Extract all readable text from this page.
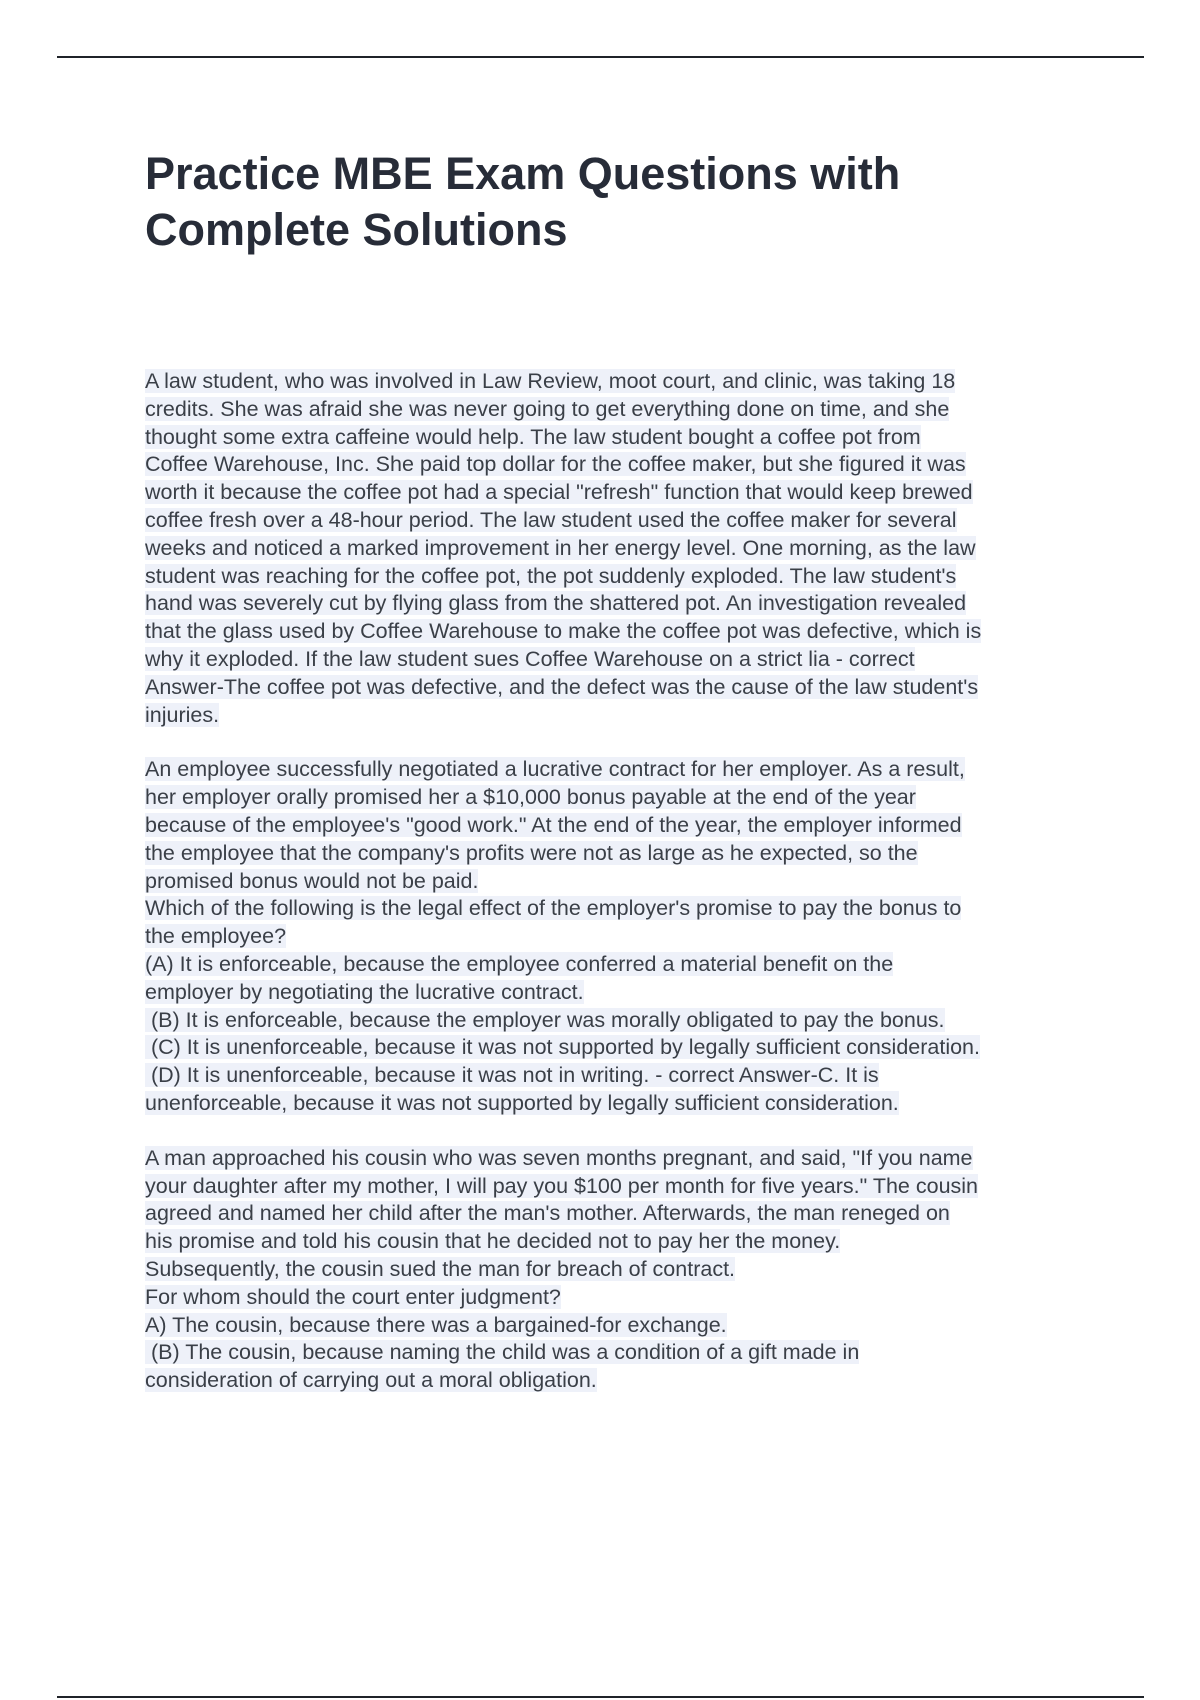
Practice MBE Exam Questions with
Complete Solutions
A law student, who was involved in Law Review, moot court, and clinic, was taking 18
credits. She was afraid she was never going to get everything done on time, and she
thought some extra caffeine would help. The law student bought a coffee pot from
Coffee Warehouse, Inc. She paid top dollar for the coffee maker, but she figured it was
worth it because the coffee pot had a special "refresh" function that would keep brewed
coffee fresh over a 48-hour period. The law student used the coffee maker for several
weeks and noticed a marked improvement in her energy level. One morning, as the law
student was reaching for the coffee pot, the pot suddenly exploded. The law student's
hand was severely cut by flying glass from the shattered pot. An investigation revealed
that the glass used by Coffee Warehouse to make the coffee pot was defective, which is
why it exploded. If the law student sues Coffee Warehouse on a strict lia - correct
Answer-The coffee pot was defective, and the defect was the cause of the law student's
injuries.
An employee successfully negotiated a lucrative contract for her employer. As a result,
her employer orally promised her a $10,000 bonus payable at the end of the year
because of the employee's "good work." At the end of the year, the employer informed
the employee that the company's profits were not as large as he expected, so the
promised bonus would not be paid.
Which of the following is the legal effect of the employer's promise to pay the bonus to
the employee?
(A) It is enforceable, because the employee conferred a material benefit on the
employer by negotiating the lucrative contract.
(B) It is enforceable, because the employer was morally obligated to pay the bonus.
(C) It is unenforceable, because it was not supported by legally sufficient consideration.
(D) It is unenforceable, because it was not in writing. - correct Answer-C. It is
unenforceable, because it was not supported by legally sufficient consideration.
A man approached his cousin who was seven months pregnant, and said, "If you name
your daughter after my mother, I will pay you $100 per month for five years." The cousin
agreed and named her child after the man's mother. Afterwards, the man reneged on
his promise and told his cousin that he decided not to pay her the money.
Subsequently, the cousin sued the man for breach of contract.
For whom should the court enter judgment?
A) The cousin, because there was a bargained-for exchange.
(B) The cousin, because naming the child was a condition of a gift made in
consideration of carrying out a moral obligation.
